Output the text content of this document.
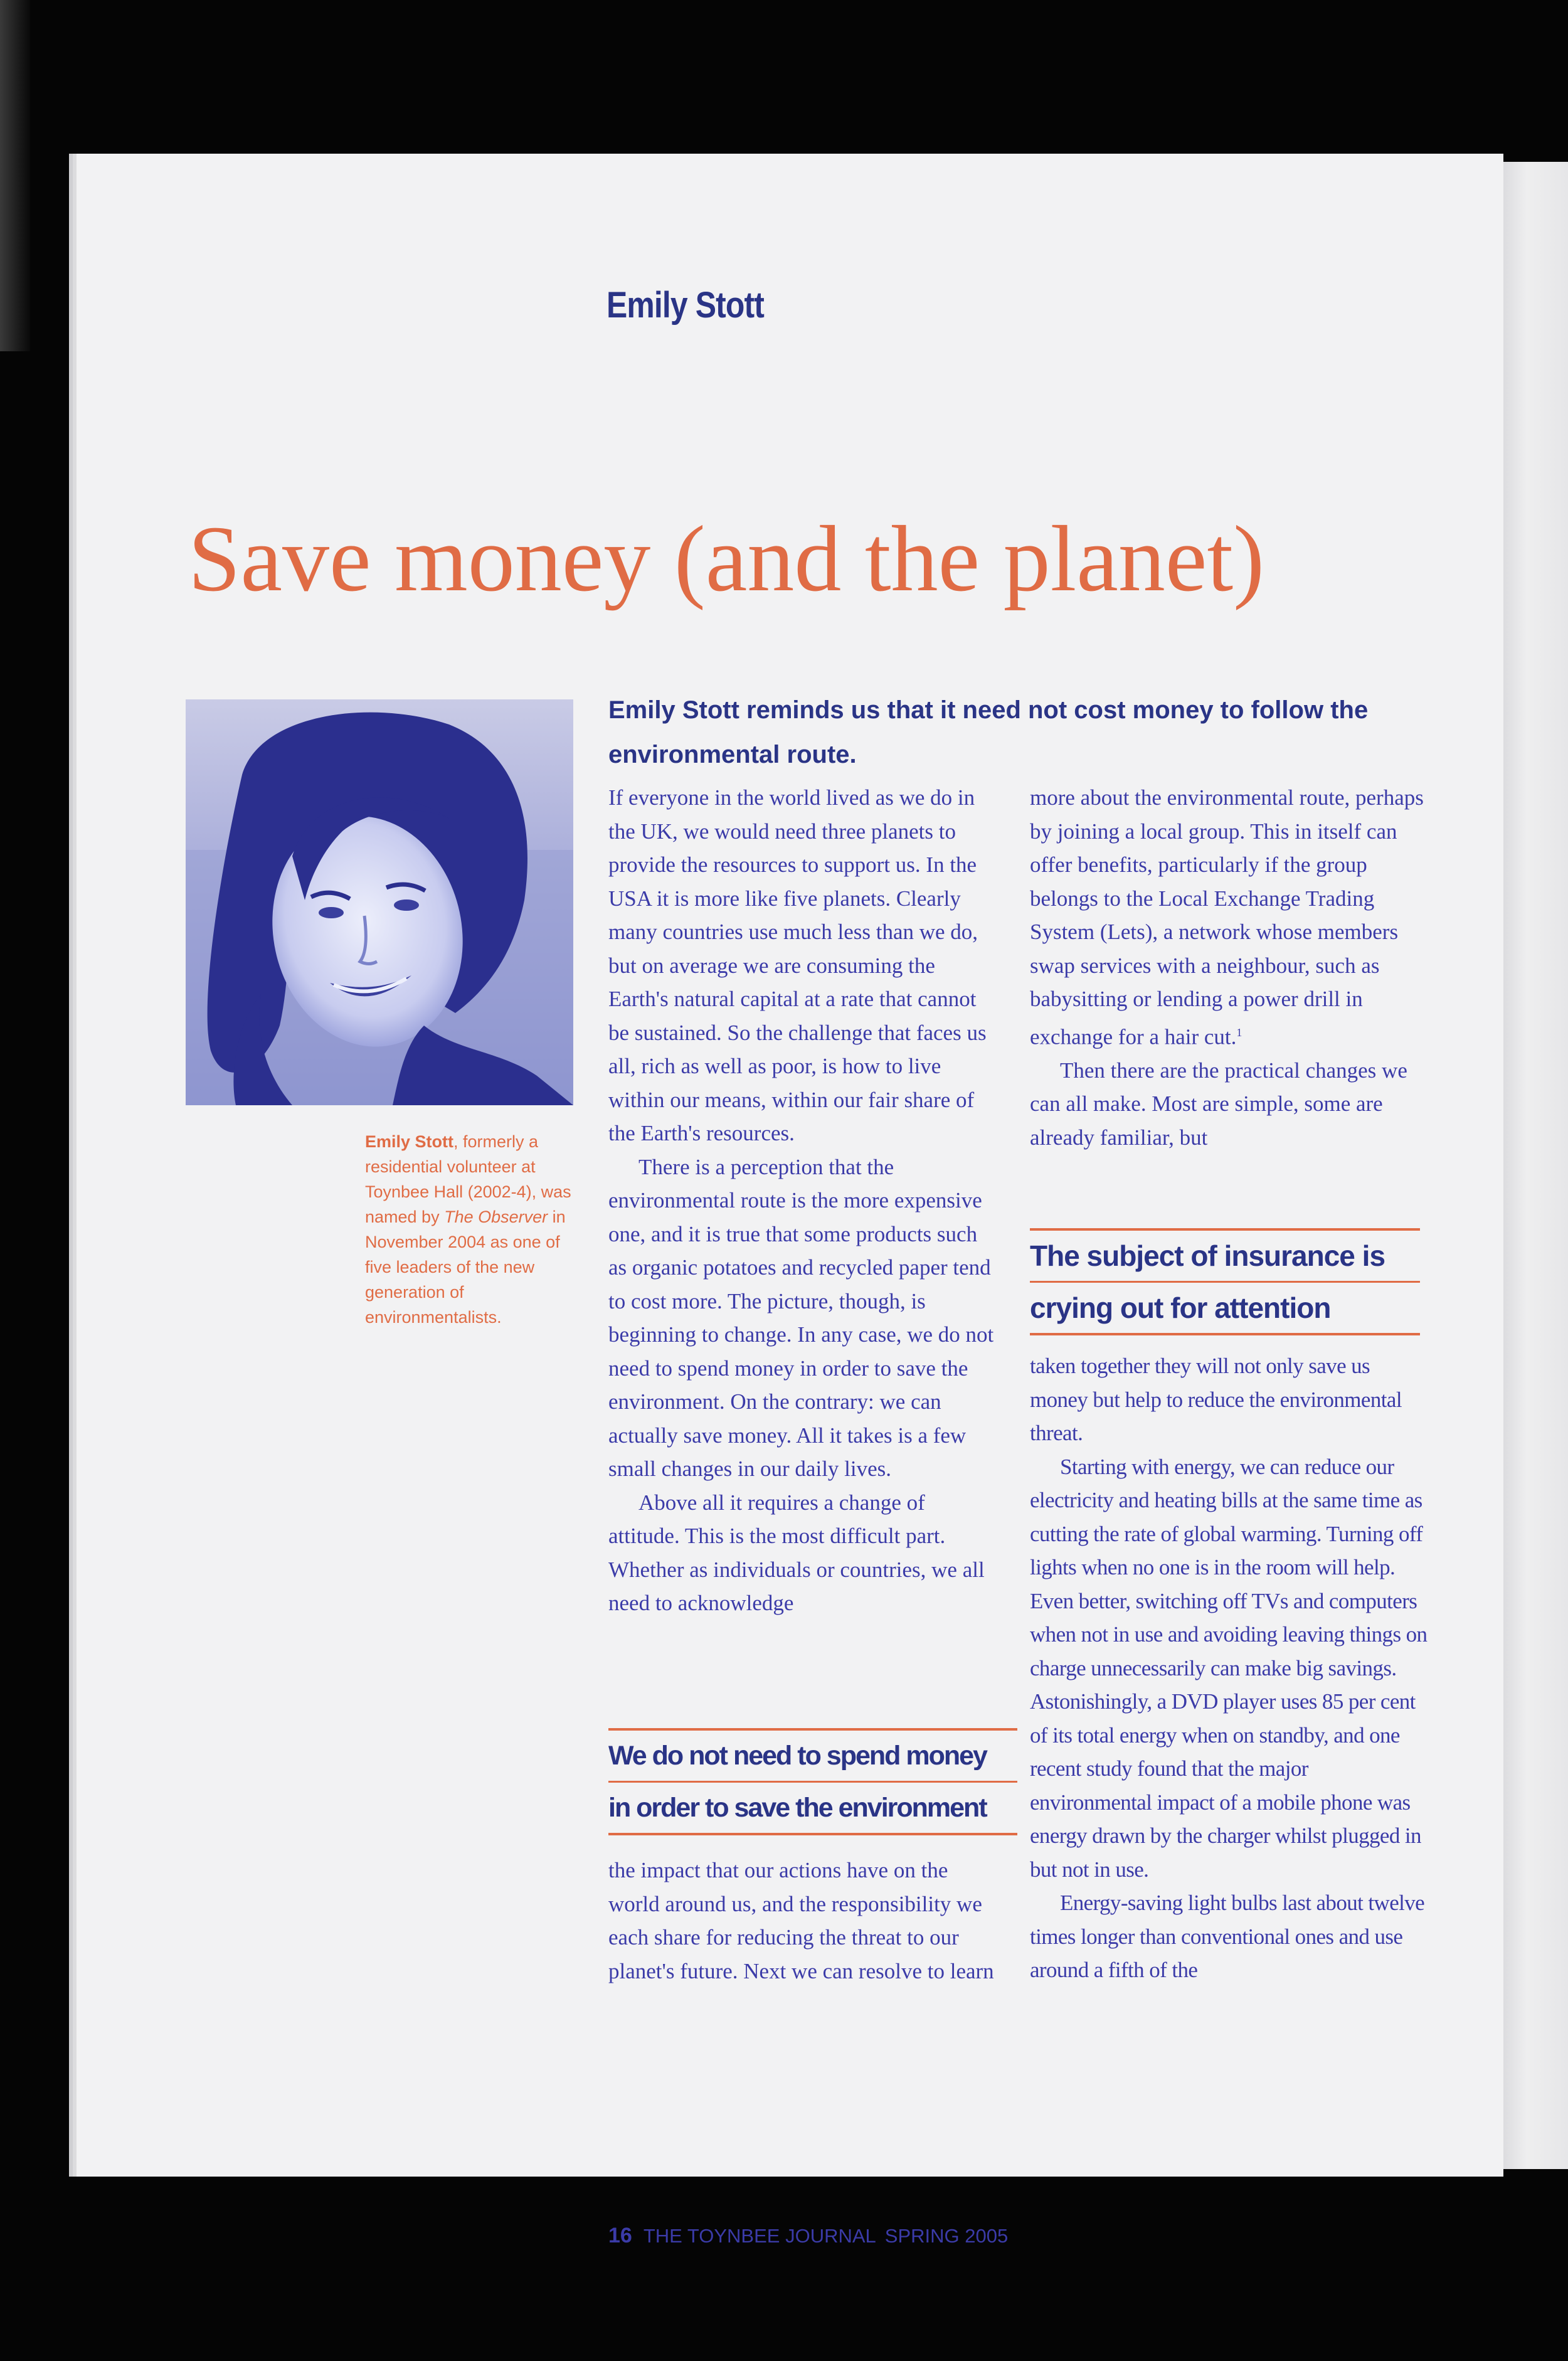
Emily Stott
Save money (and the planet)
Emily Stott, formerly a residential volunteer at Toynbee Hall (2002-4), was named by The Observer in November 2004 as one of five leaders of the new generation of environmentalists.

Emily Stott reminds us that it need not cost money to follow the environmental route.

If everyone in the world lived as we do in the UK, we would need three planets to provide the resources to support us. In the USA it is more like five planets. Clearly many countries use much less than we do, but on average we are consuming the Earth's natural capital at a rate that cannot be sustained. So the challenge that faces us all, rich as well as poor, is how to live within our means, within our fair share of the Earth's resources.

There is a perception that the environmental route is the more expensive one, and it is true that some products such as organic potatoes and recycled paper tend to cost more. The picture, though, is beginning to change. In any case, we do not need to spend money in order to save the environment. On the contrary: we can actually save money. All it takes is a few small changes in our daily lives.

Above all it requires a change of attitude. This is the most difficult part. Whether as individuals or countries, we all need to acknowledge

We do not need to spend money
in order to save the environment

the impact that our actions have on the world around us, and the responsibility we each share for reducing the threat to our planet's future. Next we can resolve to learn

more about the environmental route, perhaps by joining a local group. This in itself can offer benefits, particularly if the group belongs to the Local Exchange Trading System (Lets), a network whose members swap services with a neighbour, such as babysitting or lending a power drill in exchange for a hair cut.$^1$

Then there are the practical changes we can all make. Most are simple, some are already familiar, but

The subject of insurance is
crying out for attention

taken together they will not only save us money but help to reduce the environmental threat.

Starting with energy, we can reduce our electricity and heating bills at the same time as cutting the rate of global warming. Turning off lights when no one is in the room will help. Even better, switching off TVs and computers when not in use and avoiding leaving things on charge unnecessarily can make big savings. Astonishingly, a DVD player uses 85 per cent of its total energy when on standby, and one recent study found that the major environmental impact of a mobile phone was energy drawn by the charger whilst plugged in but not in use.

Energy-saving light bulbs last about twelve times longer than conventional ones and use around a fifth of the

16 THE TOYNBEE JOURNAL SPRING 2005
